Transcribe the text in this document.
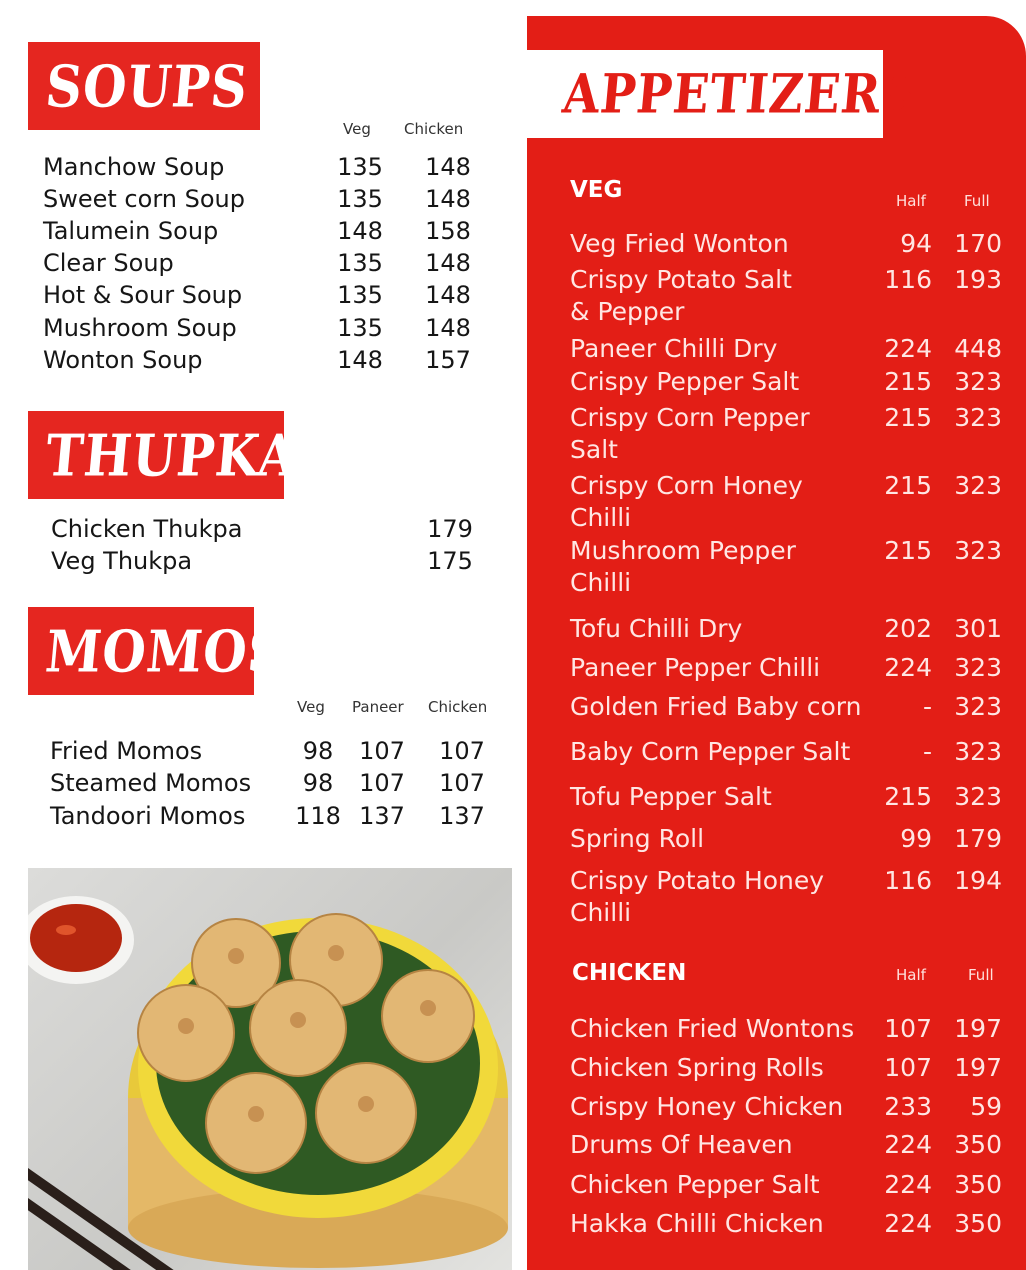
SOUPS
Veg Chicken
Manchow Soup	135 148
Sweet corn Soup	135 148
Talumein Soup	148 158
Clear Soup	135 148
Hot & Sour Soup	135 148
Mushroom Soup	135 148
Wonton Soup	148 157
THUPKA
Chicken Thukpa	179
Veg Thukpa	175
MOMOS
Veg Paneer Chicken
Fried Momos	98	107 107
Steamed Momos	98	107 107
Tandoori Momos 118 137 137
APPETIZERS
VEG	Half	Full
Veg Fried Wonton	94 170
Crispy Potato Salt	116 193
& Pepper
Paneer Chilli Dry	224 448
Crispy Pepper Salt	215 323
Crispy Corn Pepper	215 323
Salt
Crispy Corn Honey	215 323
Chilli
Mushroom Pepper	215 323
Chilli
Tofu Chilli Dry	202 301
Paneer Pepper Chilli	224 323
Golden Fried Baby corn	- 323
Baby Corn Pepper Salt	- 323
Tofu Pepper Salt	215 323
Spring Roll	99 179
Crispy Potato Honey 116 194
Chilli
CHICKEN	Half	Full
Chicken Fried Wontons 107 197
Chicken Spring Rolls 107 197
Crispy Honey Chicken 233	59
Drums Of Heaven	224 350
Chicken Pepper Salt	224 350
Hakka Chilli Chicken 224 350
